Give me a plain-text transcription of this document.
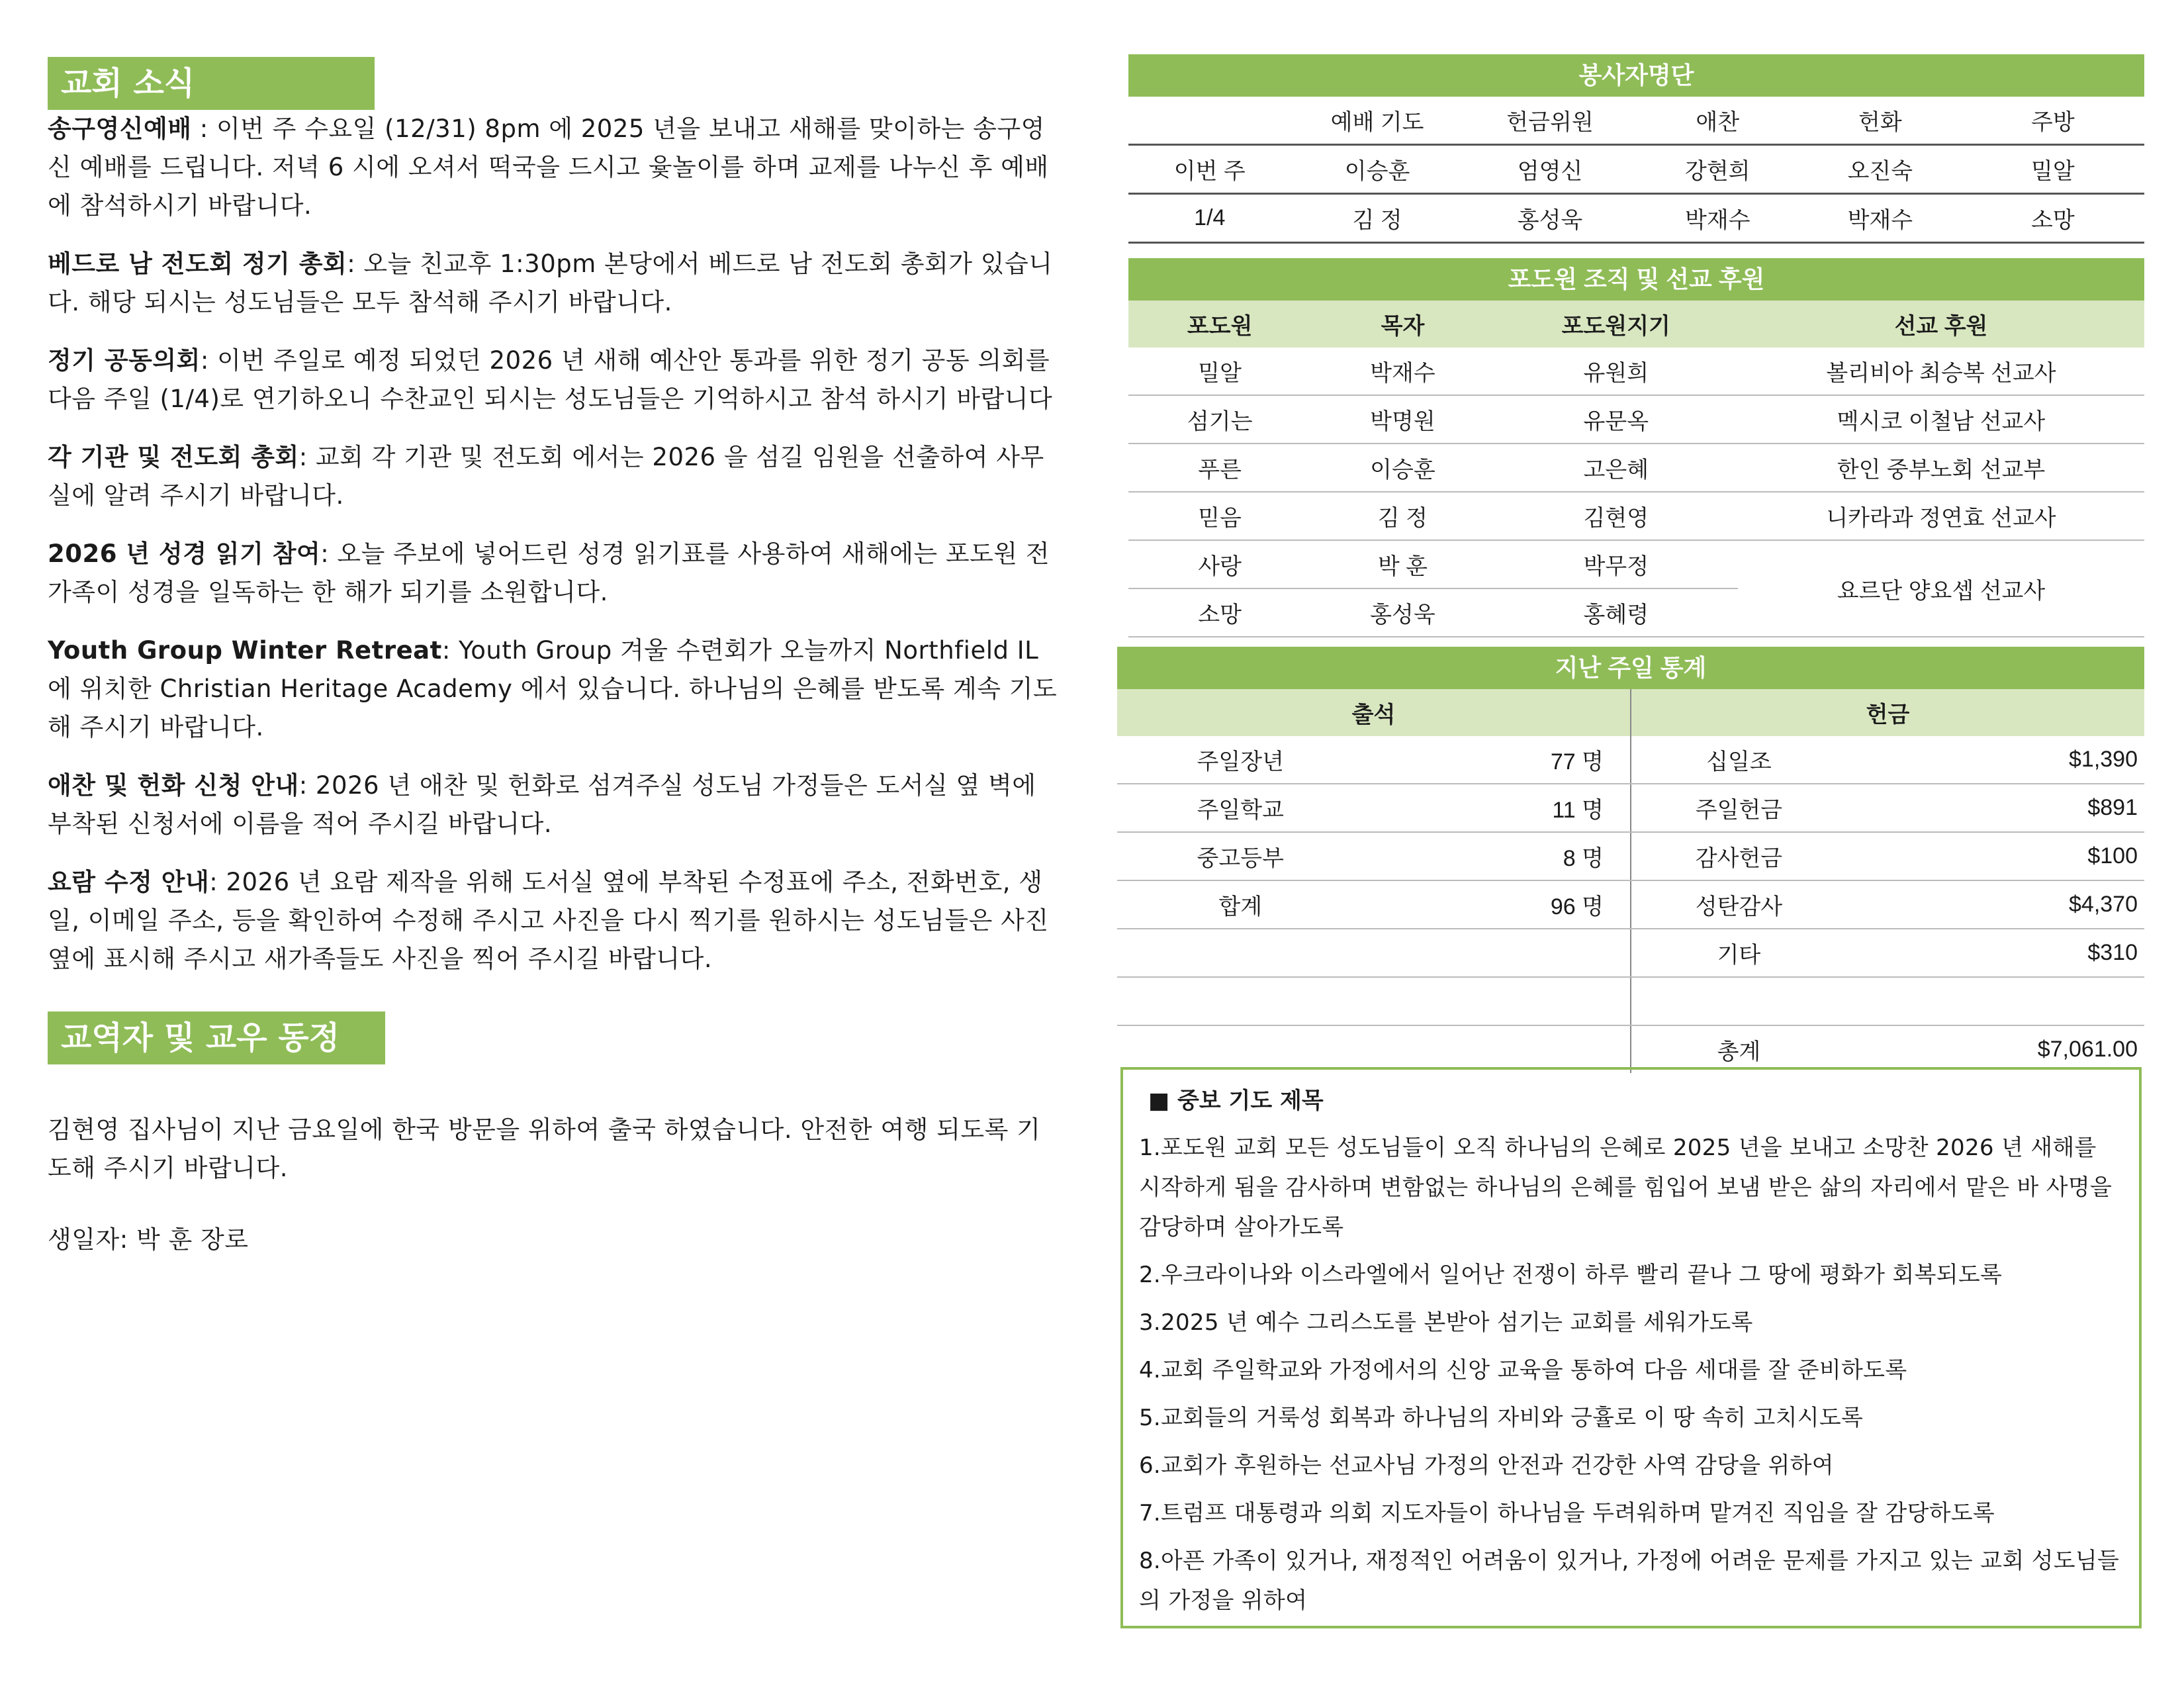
교회 소식

송구영신예배 : 이번 주 수요일 (12/31) 8pm 에 2025 년을 보내고 새해를 맞이하는 송구영신 예배를 드립니다. 저녁 6 시에 오셔서 떡국을 드시고 윷놀이를 하며 교제를 나누신 후 예배에 참석하시기 바랍니다.

베드로 남 전도회 정기 총회: 오늘 친교후 1:30pm 본당에서 베드로 남 전도회 총회가 있습니다. 해당 되시는 성도님들은 모두 참석해 주시기 바랍니다.

정기 공동의회: 이번 주일로 예정 되었던 2026 년 새해 예산안 통과를 위한 정기 공동 의회를 다음 주일 (1/4)로 연기하오니 수찬교인 되시는 성도님들은 기억하시고 참석 하시기 바랍니다

각 기관 및 전도회 총회: 교회 각 기관 및 전도회 에서는 2026 을 섬길 임원을 선출하여 사무실에 알려 주시기 바랍니다.

2026 년 성경 읽기 참여: 오늘 주보에 넣어드린 성경 읽기표를 사용하여 새해에는 포도원 전 가족이 성경을 일독하는 한 해가 되기를 소원합니다.

Youth Group Winter Retreat: Youth Group 겨울 수련회가 오늘까지 Northfield IL 에 위치한 Christian Heritage Academy 에서 있습니다. 하나님의 은혜를 받도록 계속 기도해 주시기 바랍니다.

애찬 및 헌화 신청 안내: 2026 년 애찬 및 헌화로 섬겨주실 성도님 가정들은 도서실 옆 벽에 부착된 신청서에 이름을 적어 주시길 바랍니다.

요람 수정 안내: 2026 년 요람 제작을 위해 도서실 옆에 부착된 수정표에 주소, 전화번호, 생일, 이메일 주소, 등을 확인하여 수정해 주시고 사진을 다시 찍기를 원하시는 성도님들은 사진 옆에 표시해 주시고 새가족들도 사진을 찍어 주시길 바랍니다.

교역자 및 교우 동정

김현영 집사님이 지난 금요일에 한국 방문을 위하여 출국 하였습니다. 안전한 여행 되도록 기도해 주시기 바랍니다.

생일자: 박 훈 장로

봉사자명단
	예배 기도	헌금위원	애찬	헌화	주방
이번 주	이승훈	엄영신	강현희	오진숙	밀알
1/4	김 정	홍성욱	박재수	박재수	소망
포도원 조직 및 선교 후원
포도원	목자	포도원지기	선교 후원
밀알	박재수	유원희	볼리비아 최승복 선교사
섬기는	박명원	유문옥	멕시코 이철남 선교사
푸른	이승훈	고은혜	한인 중부노회 선교부
믿음	김 정	김현영	니카라과 정연효 선교사
사랑	박 훈	박무정	요르단 양요셉 선교사
소망	홍성욱	홍혜령	
지난 주일 통계
출석		헌금	
주일장년	77 명	십일조	$1,390
주일학교	11 명	주일헌금	$891
중고등부	8 명	감사헌금	$100
합계	96 명	성탄감사	$4,370
		기타	$310

		총계	$7,061.00
■ 중보 기도 제목

1.포도원 교회 모든 성도님들이 오직 하나님의 은혜로 2025 년을 보내고 소망찬 2026 년 새해를 시작하게 됨을 감사하며 변함없는 하나님의 은혜를 힘입어 보냄 받은 삶의 자리에서 맡은 바 사명을 감당하며 살아가도록

2.우크라이나와 이스라엘에서 일어난 전쟁이 하루 빨리 끝나 그 땅에 평화가 회복되도록

3.2025 년 예수 그리스도를 본받아 섬기는 교회를 세워가도록

4.교회 주일학교와 가정에서의 신앙 교육을 통하여 다음 세대를 잘 준비하도록

5.교회들의 거룩성 회복과 하나님의 자비와 긍휼로 이 땅 속히 고치시도록

6.교회가 후원하는 선교사님 가정의 안전과 건강한 사역 감당을 위하여

7.트럼프 대통령과 의회 지도자들이 하나님을 두려워하며 맡겨진 직임을 잘 감당하도록

8.아픈 가족이 있거나, 재정적인 어려움이 있거나, 가정에 어려운 문제를 가지고 있는 교회 성도님들의 가정을 위하여
